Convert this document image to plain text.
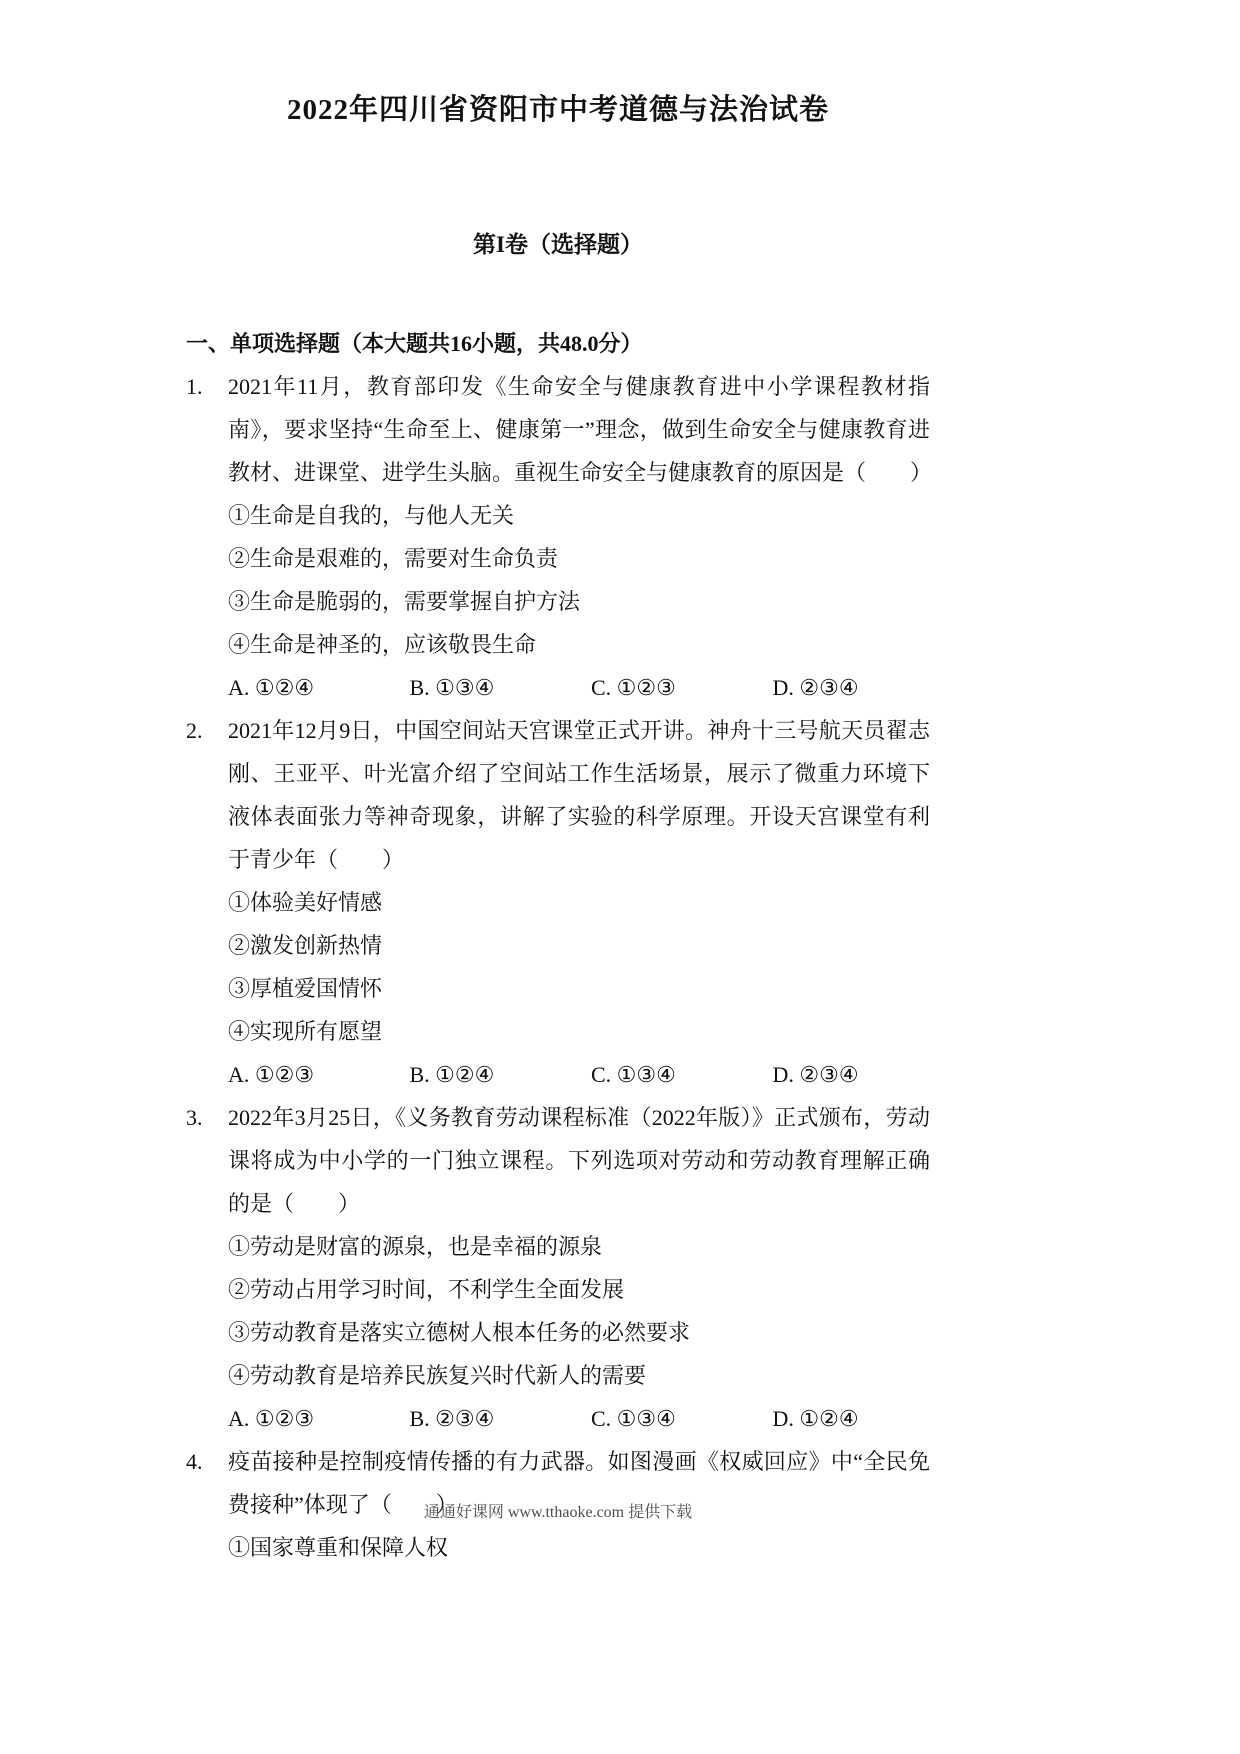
2022年四川省资阳市中考道德与法治试卷
第I卷（选择题）
一、单项选择题（本大题共16小题，共48.0分）
1.	2021年11月，教育部印发《生命安全与健康教育进中小学课程教材指南》，要求坚持“生命至上、健康第一”理念，做到生命安全与健康教育进教材、进课堂、进学生头脑。重视生命安全与健康教育的原因是（　　）
①生命是自我的，与他人无关
②生命是艰难的，需要对生命负责
③生命是脆弱的，需要掌握自护方法
④生命是神圣的，应该敬畏生命
A. ①②④	B. ①③④	C. ①②③	D. ②③④
2.	2021年12月9日，中国空间站天宫课堂正式开讲。神舟十三号航天员翟志刚、王亚平、叶光富介绍了空间站工作生活场景，展示了微重力环境下液体表面张力等神奇现象，讲解了实验的科学原理。开设天宫课堂有利于青少年（　　）
①体验美好情感
②激发创新热情
③厚植爱国情怀
④实现所有愿望
A. ①②③	B. ①②④	C. ①③④	D. ②③④
3.	2022年3月25日，《义务教育劳动课程标准（2022年版）》正式颁布，劳动课将成为中小学的一门独立课程。下列选项对劳动和劳动教育理解正确的是（　　）
①劳动是财富的源泉，也是幸福的源泉
②劳动占用学习时间，不利学生全面发展
③劳动教育是落实立德树人根本任务的必然要求
④劳动教育是培养民族复兴时代新人的需要
A. ①②③	B. ②③④	C. ①③④	D. ①②④
4.	疫苗接种是控制疫情传播的有力武器。如图漫画《权威回应》中“全民免费接种”体现了（　　）
①国家尊重和保障人权
通通好课网 www.tthaoke.com 提供下载
